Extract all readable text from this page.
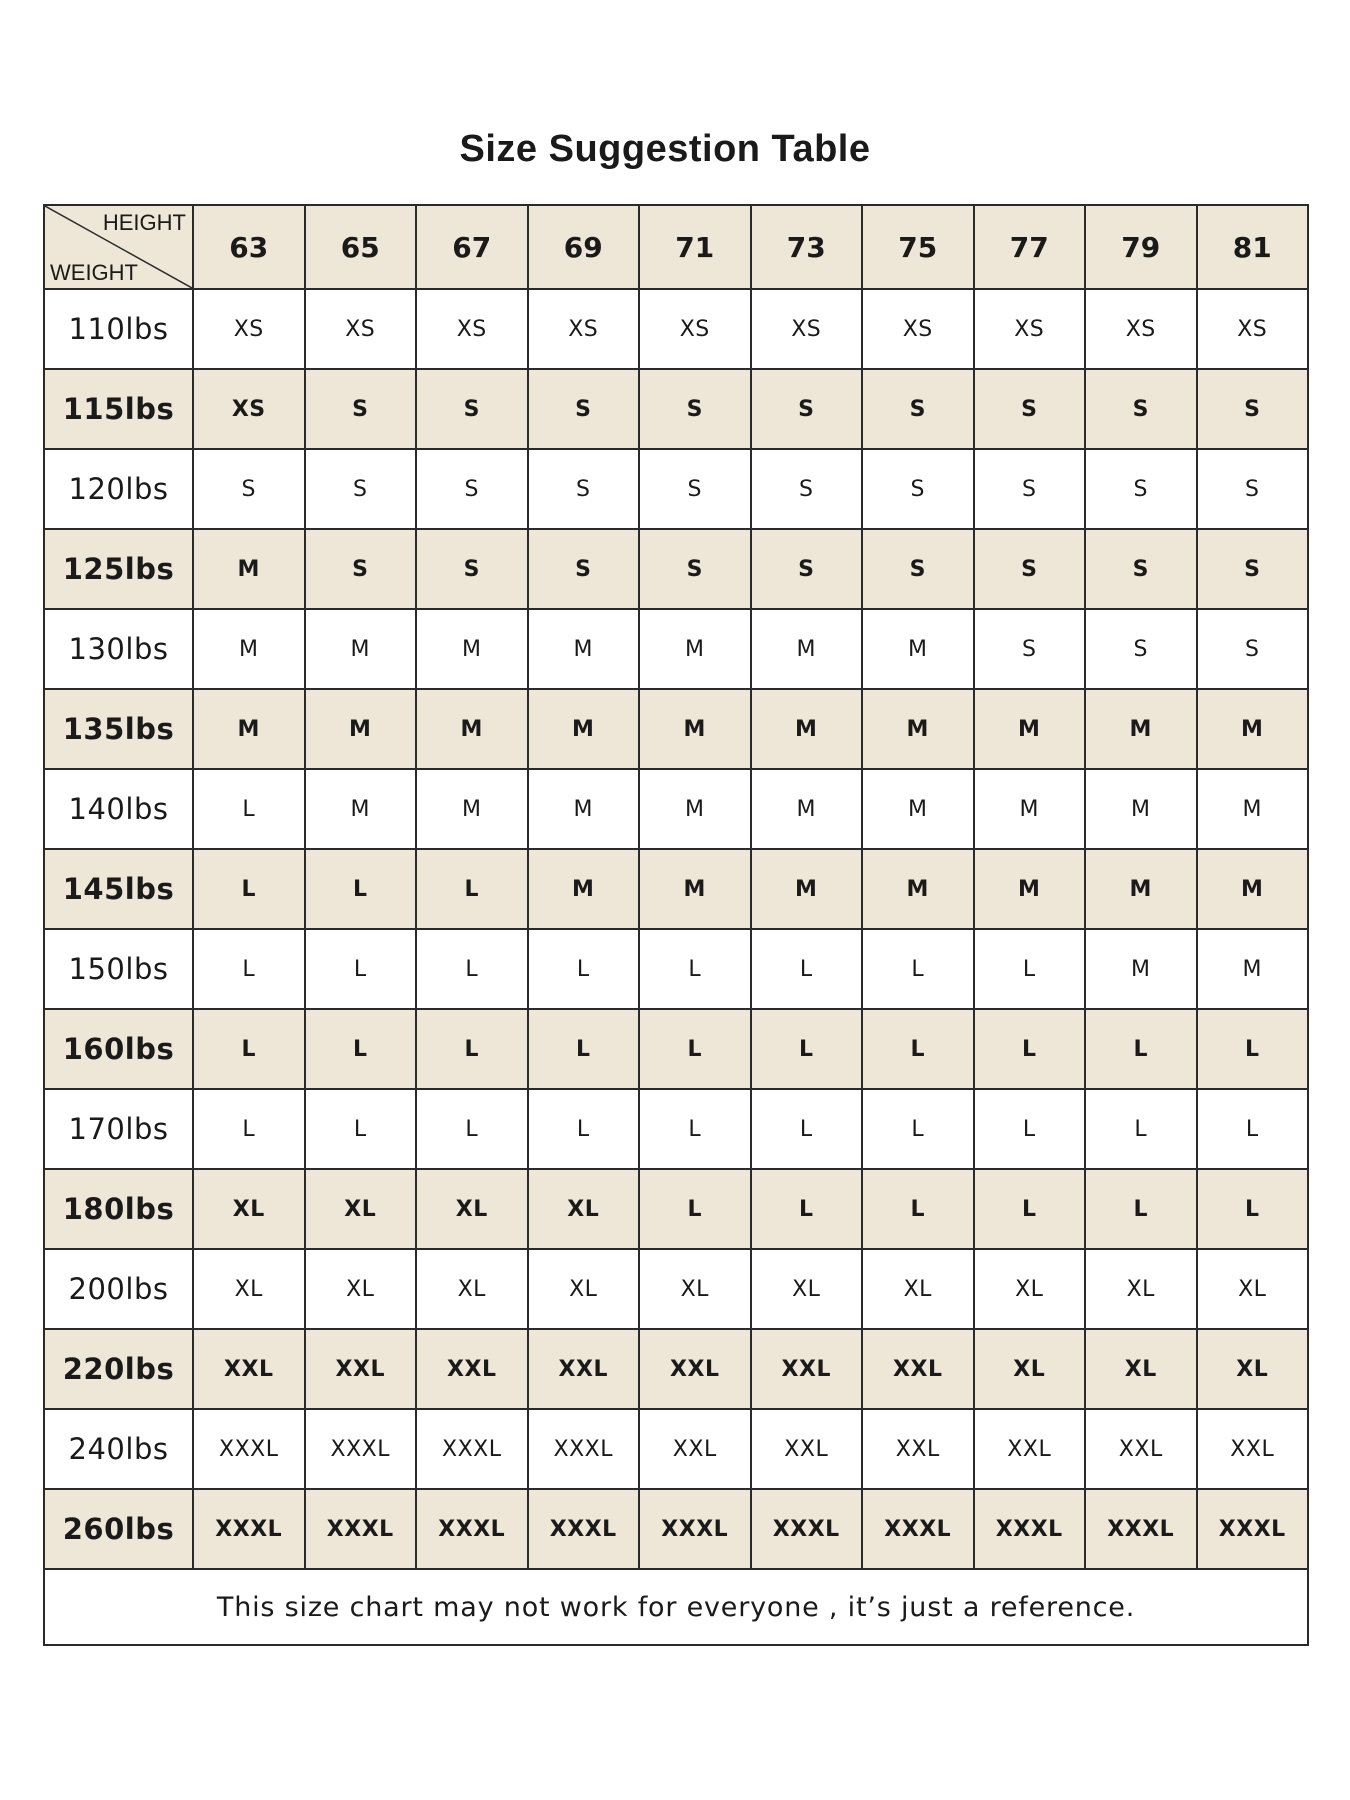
Size Suggestion Table
HEIGHT
WEIGHT	63	65	67	69	71	73	75	77	79	81
110lbs	XS	XS	XS	XS	XS	XS	XS	XS	XS	XS
115lbs	XS	S	S	S	S	S	S	S	S	S
120lbs	S	S	S	S	S	S	S	S	S	S
125lbs	M	S	S	S	S	S	S	S	S	S
130lbs	M	M	M	M	M	M	M	S	S	S
135lbs	M	M	M	M	M	M	M	M	M	M
140lbs	L	M	M	M	M	M	M	M	M	M
145lbs	L	L	L	M	M	M	M	M	M	M
150lbs	L	L	L	L	L	L	L	L	M	M
160lbs	L	L	L	L	L	L	L	L	L	L
170lbs	L	L	L	L	L	L	L	L	L	L
180lbs	XL	XL	XL	XL	L	L	L	L	L	L
200lbs	XL	XL	XL	XL	XL	XL	XL	XL	XL	XL
220lbs	XXL	XXL	XXL	XXL	XXL	XXL	XXL	XL	XL	XL
240lbs	XXXL	XXXL	XXXL	XXXL	XXL	XXL	XXL	XXL	XXL	XXL
260lbs	XXXL	XXXL	XXXL	XXXL	XXXL	XXXL	XXXL	XXXL	XXXL	XXXL
This size chart may not work for everyone , it’s just a reference.										
